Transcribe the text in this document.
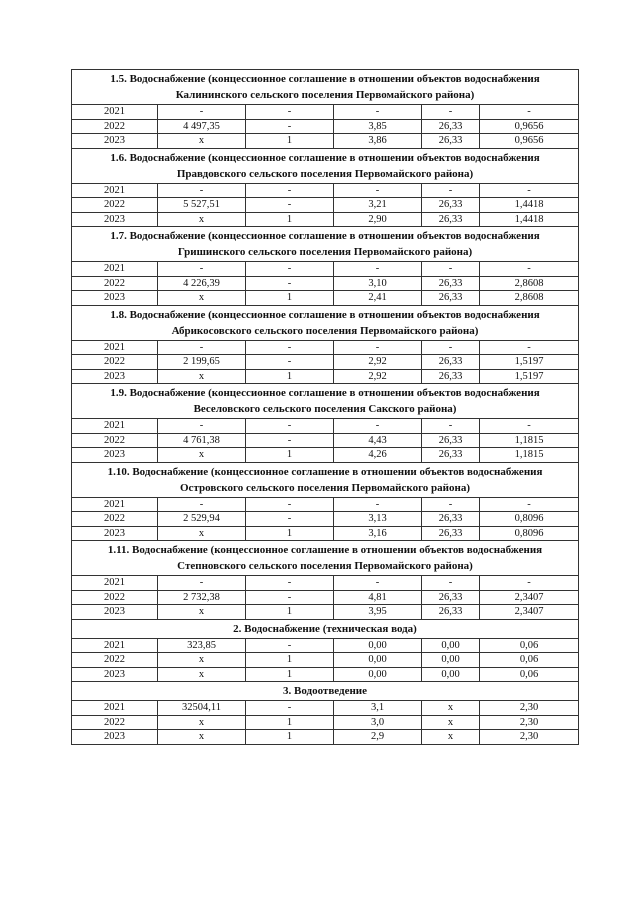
1.5. Водоснабжение (концессионное соглашение в отношении объектов водоснабжения Калининского сельского поселения Первомайского района)					
2021	-	-	-	-	-
2022	4 497,35	-	3,85	26,33	0,9656
2023	x	1	3,86	26,33	0,9656
1.6. Водоснабжение (концессионное соглашение в отношении объектов водоснабжения Правдовского сельского поселения Первомайского района)					
2021	-	-	-	-	-
2022	5 527,51	-	3,21	26,33	1,4418
2023	x	1	2,90	26,33	1,4418
1.7. Водоснабжение (концессионное соглашение в отношении объектов водоснабжения Гришинского сельского поселения Первомайского района)					
2021	-	-	-	-	-
2022	4 226,39	-	3,10	26,33	2,8608
2023	x	1	2,41	26,33	2,8608
1.8. Водоснабжение (концессионное соглашение в отношении объектов водоснабжения Абрикосовского сельского поселения Первомайского района)					
2021	-	-	-	-	-
2022	2 199,65	-	2,92	26,33	1,5197
2023	x	1	2,92	26,33	1,5197
1.9. Водоснабжение (концессионное соглашение в отношении объектов водоснабжения Веселовского сельского поселения Сакского района)					
2021	-	-	-	-	-
2022	4 761,38	-	4,43	26,33	1,1815
2023	x	1	4,26	26,33	1,1815
1.10. Водоснабжение (концессионное соглашение в отношении объектов водоснабжения Островского сельского поселения Первомайского района)					
2021	-	-	-	-	-
2022	2 529,94	-	3,13	26,33	0,8096
2023	x	1	3,16	26,33	0,8096
1.11. Водоснабжение (концессионное соглашение в отношении объектов водоснабжения Степновского сельского поселения Первомайского района)					
2021	-	-	-	-	-
2022	2 732,38	-	4,81	26,33	2,3407
2023	x	1	3,95	26,33	2,3407
2. Водоснабжение (техническая вода)					
2021	323,85	-	0,00	0,00	0,06
2022	x	1	0,00	0,00	0,06
2023	x	1	0,00	0,00	0,06
3. Водоотведение					
2021	32504,11	-	3,1	x	2,30
2022	x	1	3,0	x	2,30
2023	x	1	2,9	x	2,30
